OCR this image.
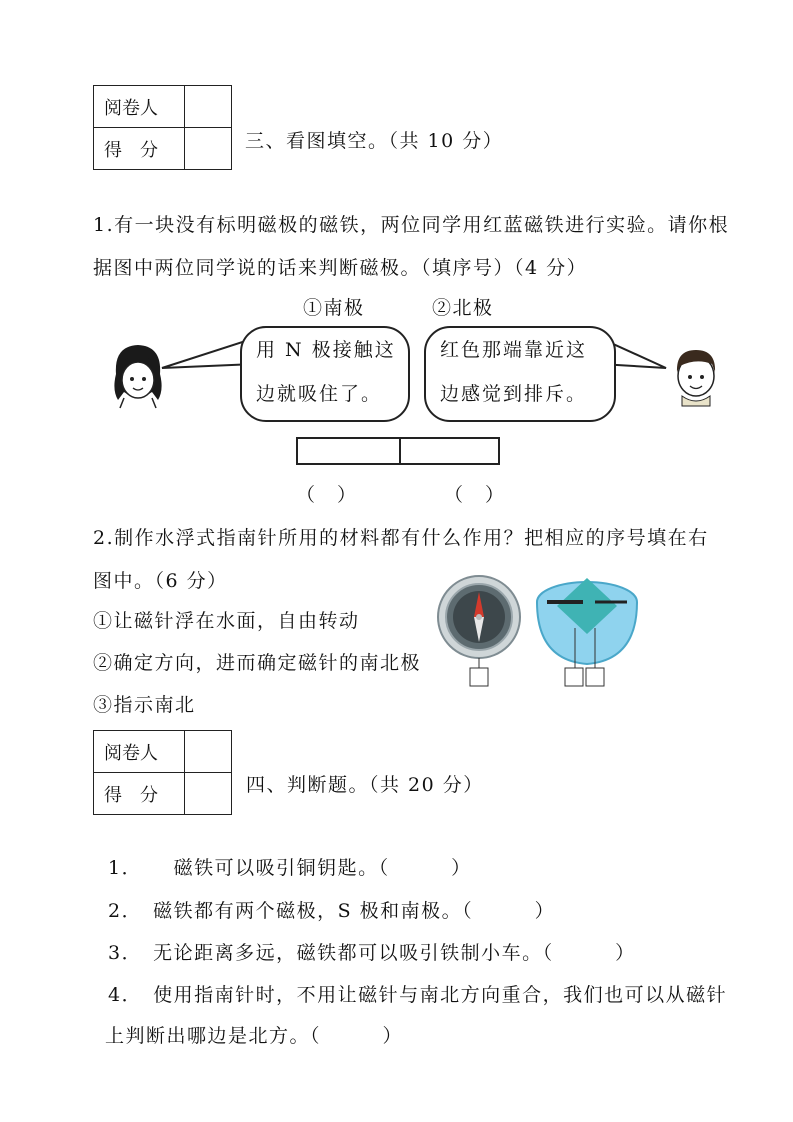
阅卷人	
得　分		三、看图填空。（共 10 分）
1.有一块没有标明磁极的磁铁，两位同学用红蓝磁铁进行实验。请你根
据图中两位同学说的话来判断磁极。（填序号）（4 分）
①南极	②北极
用 N 极接触这
边就吸住了。
红色那端靠近这
边感觉到排斥。
（　）	（　）
2.制作水浮式指南针所用的材料都有什么作用？把相应的序号填在右
图中。（6 分）
①让磁针浮在水面，自由转动
②确定方向，进而确定磁针的南北极
③指示南北
阅卷人	
得　分		四、判断题。（共 20 分）
1．　　磁铁可以吸引铜钥匙。（　　　）
2．　磁铁都有两个磁极，S 极和南极。（　　　）
3．　无论距离多远，磁铁都可以吸引铁制小车。（　　　）
4．　使用指南针时，不用让磁针与南北方向重合，我们也可以从磁针
上判断出哪边是北方。（　　　）
